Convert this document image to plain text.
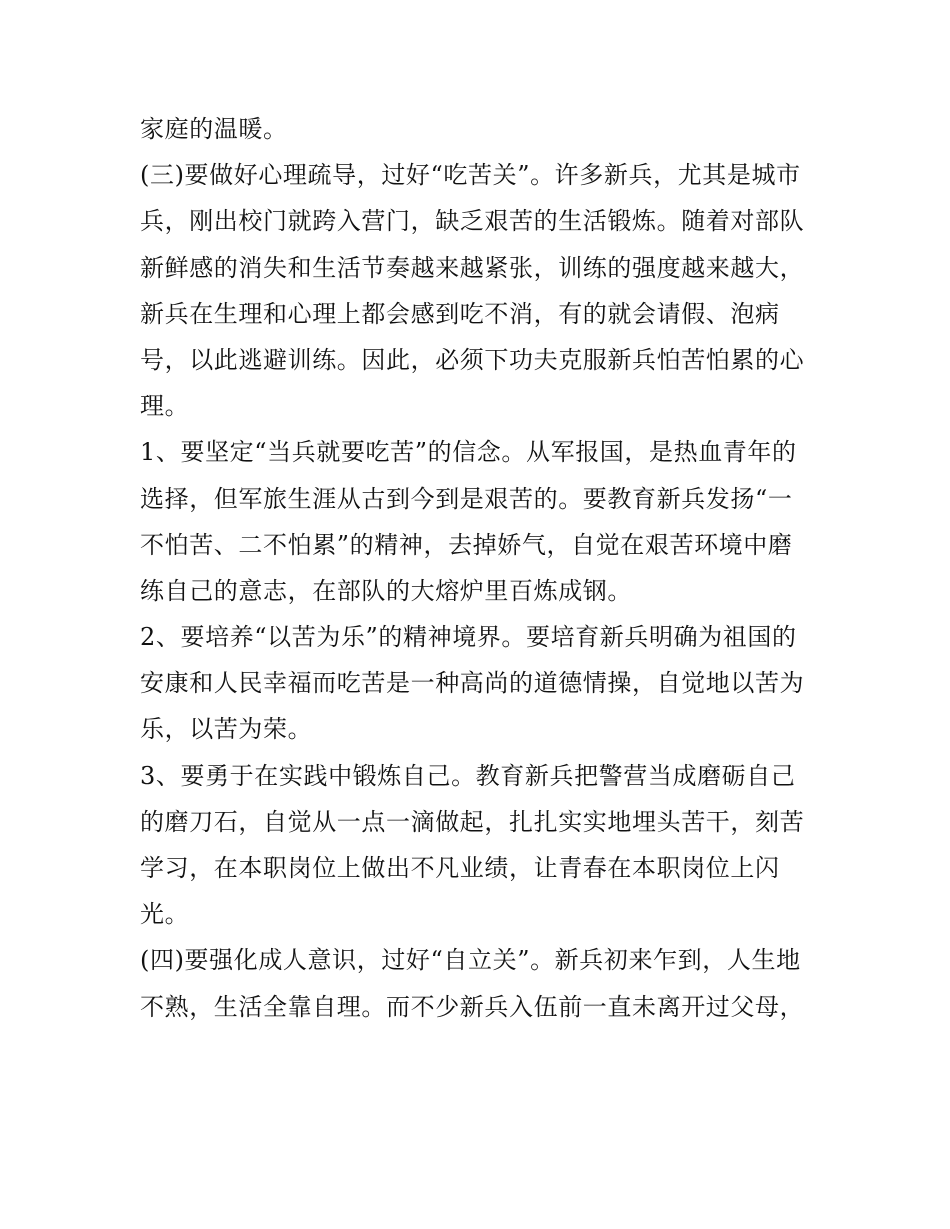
家庭的温暖。
(三)要做好心理疏导，过好“吃苦关”。许多新兵，尤其是城市
兵，刚出校门就跨入营门，缺乏艰苦的生活锻炼。随着对部队
新鲜感的消失和生活节奏越来越紧张，训练的强度越来越大，
新兵在生理和心理上都会感到吃不消，有的就会请假、泡病
号，以此逃避训练。因此，必须下功夫克服新兵怕苦怕累的心
理。
1、要坚定“当兵就要吃苦”的信念。从军报国，是热血青年的
选择，但军旅生涯从古到今到是艰苦的。要教育新兵发扬“一
不怕苦、二不怕累”的精神，去掉娇气，自觉在艰苦环境中磨
练自己的意志，在部队的大熔炉里百炼成钢。
2、要培养“以苦为乐”的精神境界。要培育新兵明确为祖国的
安康和人民幸福而吃苦是一种高尚的道德情操，自觉地以苦为
乐，以苦为荣。
3、要勇于在实践中锻炼自己。教育新兵把警营当成磨砺自己
的磨刀石，自觉从一点一滴做起，扎扎实实地埋头苦干，刻苦
学习，在本职岗位上做出不凡业绩，让青春在本职岗位上闪
光。
(四)要强化成人意识，过好“自立关”。新兵初来乍到，人生地
不熟，生活全靠自理。而不少新兵入伍前一直未离开过父母，
